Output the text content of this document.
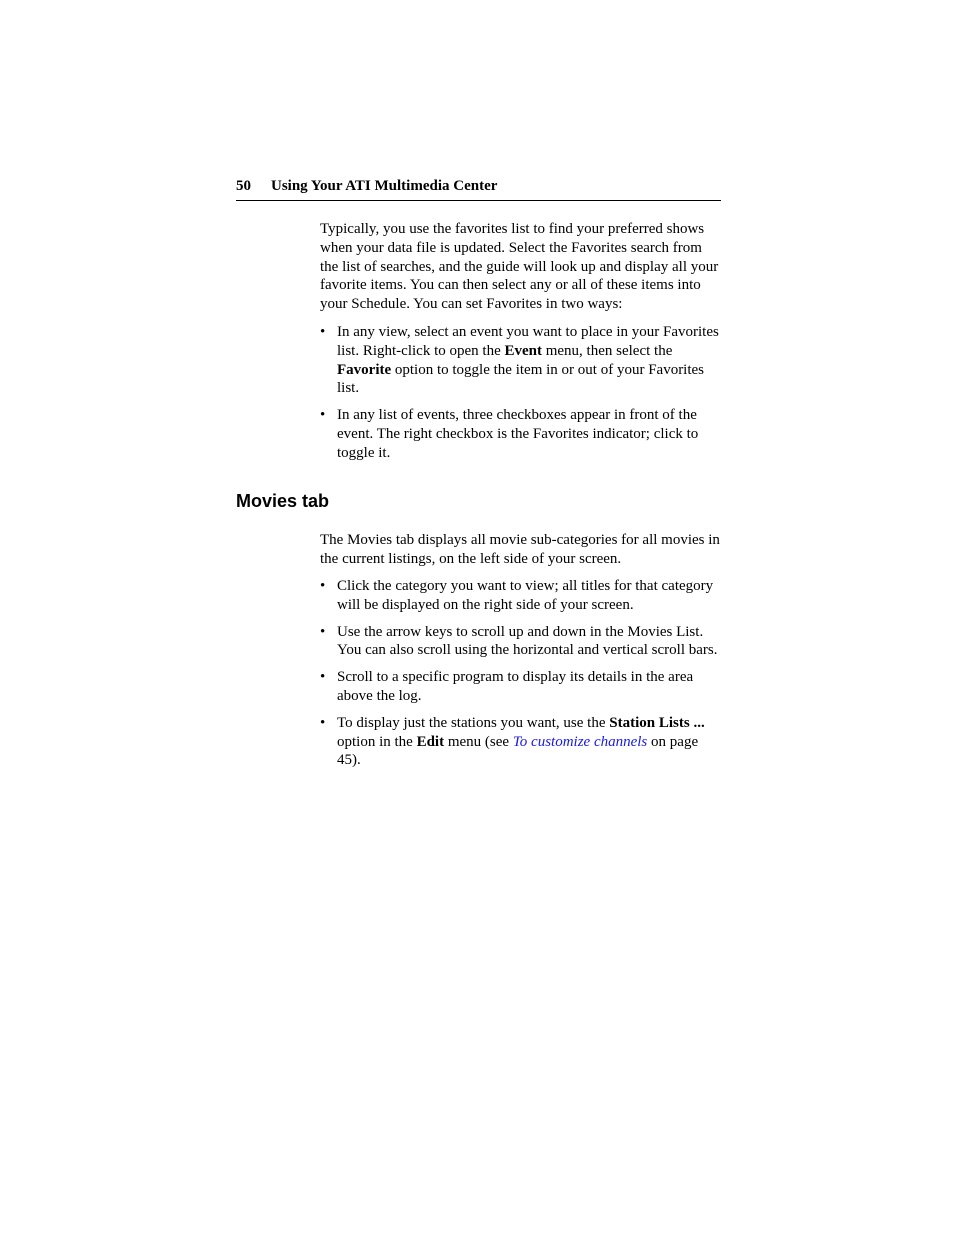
50 Using Your ATI Multimedia Center

Typically, you use the favorites list to find your preferred shows when your data file is updated. Select the Favorites search from the list of searches, and the guide will look up and display all your favorite items. You can then select any or all of these items into your Schedule. You can set Favorites in two ways:

• In any view, select an event you want to place in your Favorites list. Right-click to open the Event menu, then select the Favorite option to toggle the item in or out of your Favorites list.
• In any list of events, three checkboxes appear in front of the event. The right checkbox is the Favorites indicator; click to toggle it.
Movies tab

The Movies tab displays all movie sub-categories for all movies in the current listings, on the left side of your screen.

• Click the category you want to view; all titles for that category will be displayed on the right side of your screen.
• Use the arrow keys to scroll up and down in the Movies List. You can also scroll using the horizontal and vertical scroll bars.
• Scroll to a specific program to display its details in the area above the log.
• To display just the stations you want, use the Station Lists ... option in the Edit menu (see To customize channels on page 45).
